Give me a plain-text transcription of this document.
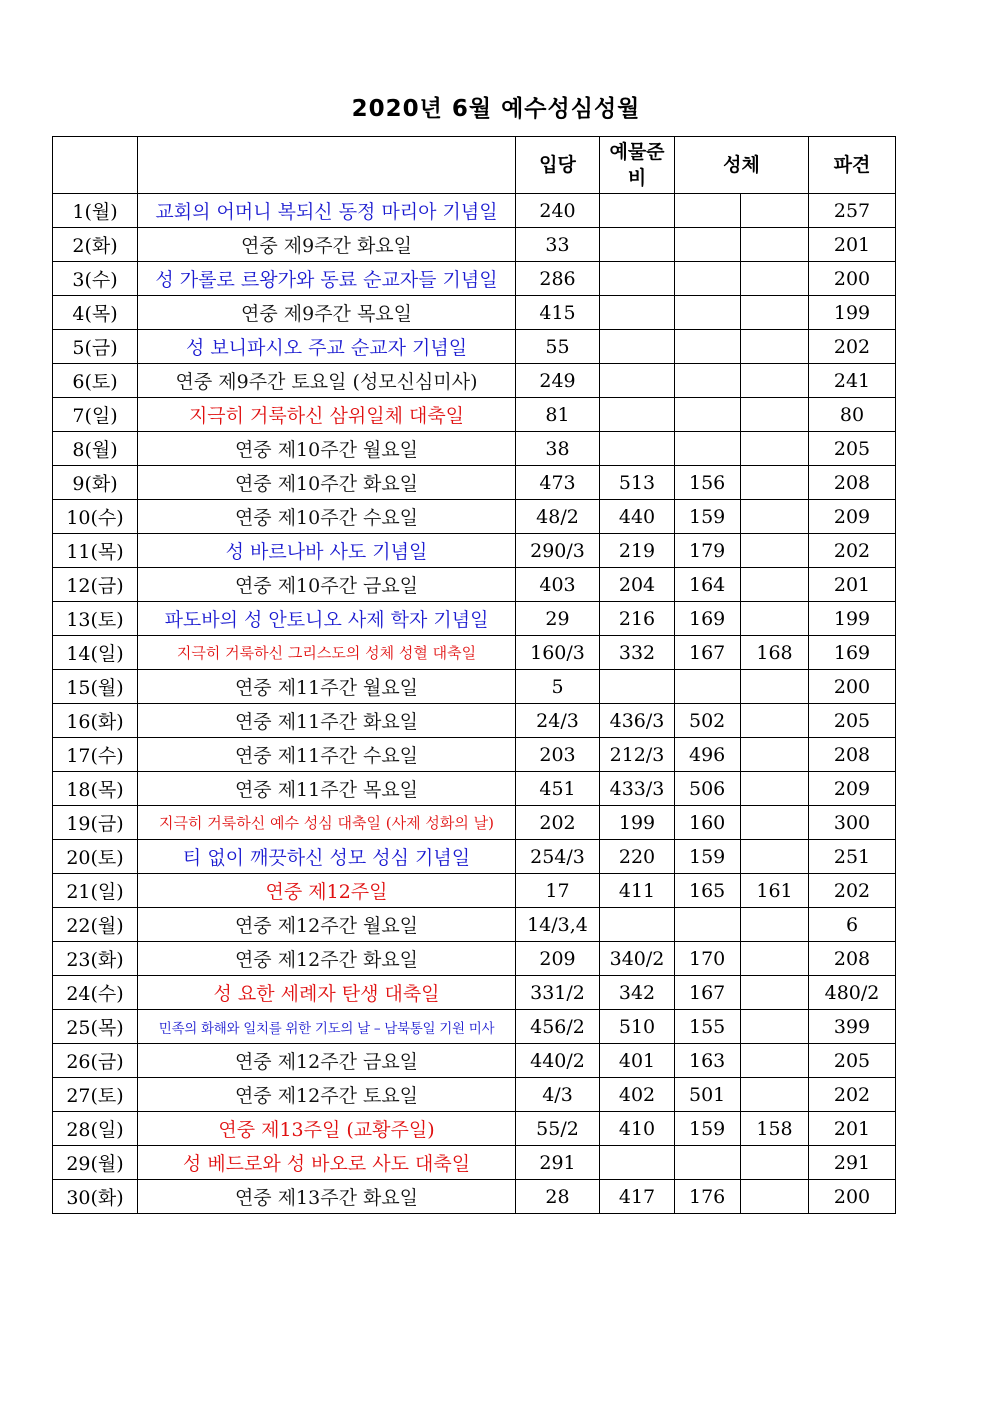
2020년 6월 예수성심성월
		입당	예물준비	성체		파견
1(월)	교회의 어머니 복되신 동정 마리아 기념일	240				257
2(화)	연중 제9주간 화요일	33				201
3(수)	성 가롤로 르왕가와 동료 순교자들 기념일	286				200
4(목)	연중 제9주간 목요일	415				199
5(금)	성 보니파시오 주교 순교자 기념일	55				202
6(토)	연중 제9주간 토요일 (성모신심미사)	249				241
7(일)	지극히 거룩하신 삼위일체 대축일	81				80
8(월)	연중 제10주간 월요일	38				205
9(화)	연중 제10주간 화요일	473	513	156		208
10(수)	연중 제10주간 수요일	48/2	440	159		209
11(목)	성 바르나바 사도 기념일	290/3	219	179		202
12(금)	연중 제10주간 금요일	403	204	164		201
13(토)	파도바의 성 안토니오 사제 학자 기념일	29	216	169		199
14(일)	지극히 거룩하신 그리스도의 성체 성혈 대축일	160/3	332	167	168	169
15(월)	연중 제11주간 월요일	5				200
16(화)	연중 제11주간 화요일	24/3	436/3	502		205
17(수)	연중 제11주간 수요일	203	212/3	496		208
18(목)	연중 제11주간 목요일	451	433/3	506		209
19(금)	지극히 거룩하신 예수 성심 대축일 (사제 성화의 날)	202	199	160		300
20(토)	티 없이 깨끗하신 성모 성심 기념일	254/3	220	159		251
21(일)	연중 제12주일	17	411	165	161	202
22(월)	연중 제12주간 월요일	14/3,4				6
23(화)	연중 제12주간 화요일	209	340/2	170		208
24(수)	성 요한 세례자 탄생 대축일	331/2	342	167		480/2
25(목)	민족의 화해와 일치를 위한 기도의 날 – 남북통일 기원 미사	456/2	510	155		399
26(금)	연중 제12주간 금요일	440/2	401	163		205
27(토)	연중 제12주간 토요일	4/3	402	501		202
28(일)	연중 제13주일 (교황주일)	55/2	410	159	158	201
29(월)	성 베드로와 성 바오로 사도 대축일	291				291
30(화)	연중 제13주간 화요일	28	417	176		200
